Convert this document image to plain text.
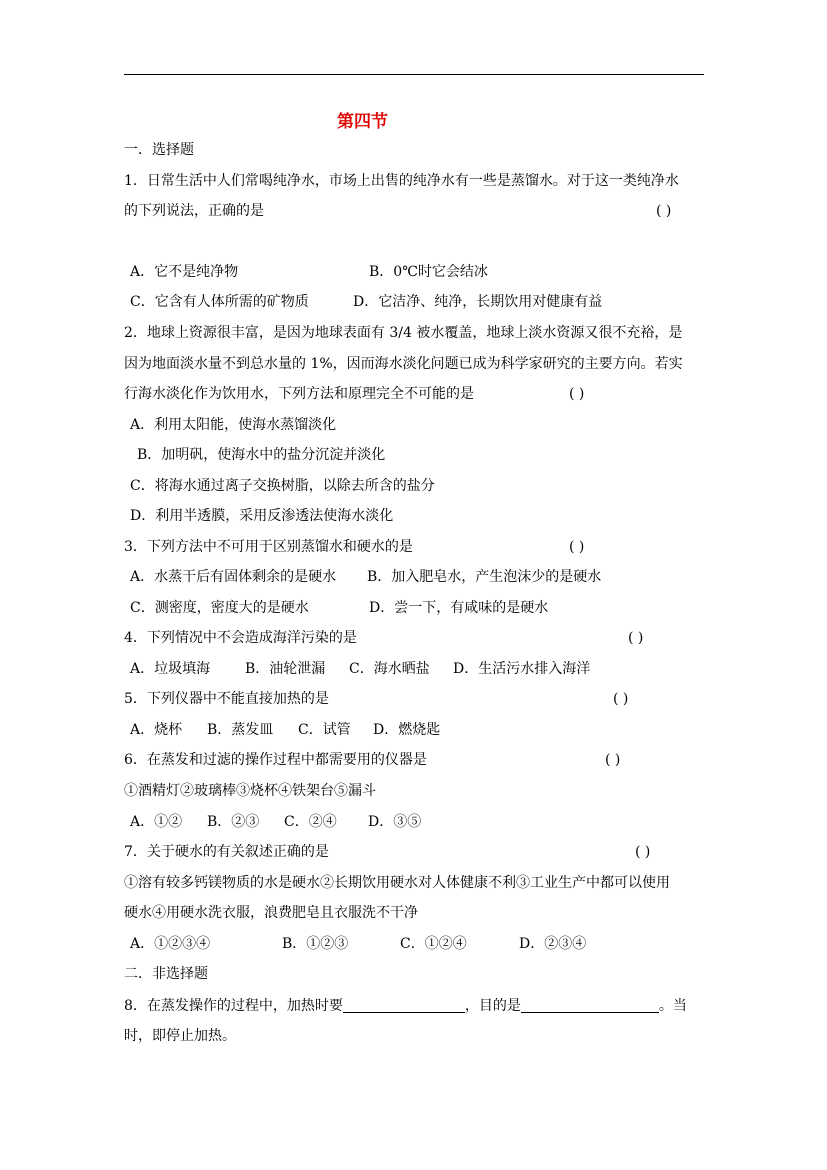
第四节
一．选择题
1．日常生活中人们常喝纯净水，市场上出售的纯净水有一些是蒸馏水。对于这一类纯净水
的下列说法，正确的是	( )
A．它不是纯净物	B．0℃时它会结冰
C．它含有人体所需的矿物质	D．它洁净、纯净，长期饮用对健康有益
2．地球上资源很丰富，是因为地球表面有 3/4 被水覆盖，地球上淡水资源又很不充裕，是
因为地面淡水量不到总水量的 1%，因而海水淡化问题已成为科学家研究的主要方向。若实
行海水淡化作为饮用水，下列方法和原理完全不可能的是	( )
A．利用太阳能，使海水蒸馏淡化
B．加明矾，使海水中的盐分沉淀并淡化
C．将海水通过离子交换树脂，以除去所含的盐分
D．利用半透膜，采用反渗透法使海水淡化
3．下列方法中不可用于区别蒸馏水和硬水的是	( )
A．水蒸干后有固体剩余的是硬水 B．加入肥皂水，产生泡沫少的是硬水
C．测密度，密度大的是硬水	D．尝一下，有咸味的是硬水
4．下列情况中不会造成海洋污染的是	( )
A．垃圾填海 B．油轮泄漏 C．海水晒盐 D．生活污水排入海洋
5．下列仪器中不能直接加热的是	( )
A．烧杯 B．蒸发皿 C．试管 D．燃烧匙
6．在蒸发和过滤的操作过程中都需要用的仪器是	( )
①酒精灯②玻璃棒③烧杯④铁架台⑤漏斗
A．①② B．②③ C．②④ D．③⑤
7．关于硬水的有关叙述正确的是	( )
①溶有较多钙镁物质的水是硬水②长期饮用硬水对人体健康不利③工业生产中都可以使用
硬水④用硬水洗衣服，浪费肥皂且衣服洗不干净
A．①②③④	B．①②③	C．①②④	D．②③④
二．非选择题
8．在蒸发操作的过程中，加热时要	，目的是	。当
时，即停止加热。
